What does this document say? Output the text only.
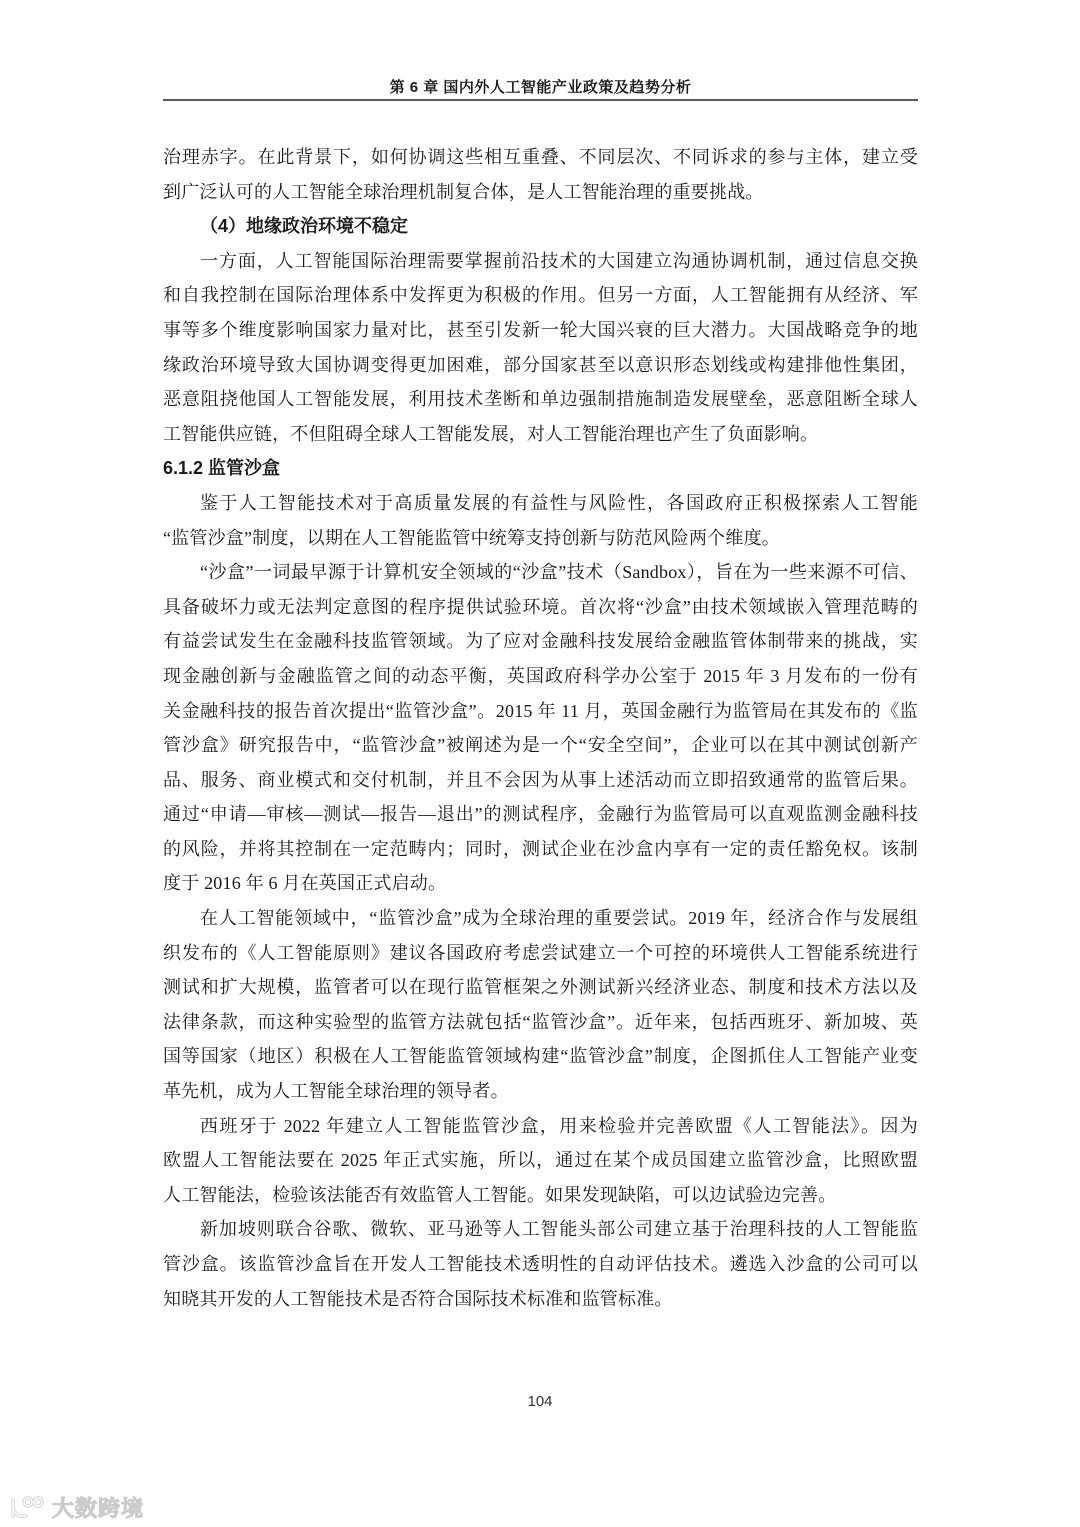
第 6 章 国内外人工智能产业政策及趋势分析
治理赤字。在此背景下，如何协调这些相互重叠、不同层次、不同诉求的参与主体，建立受
到广泛认可的人工智能全球治理机制复合体，是人工智能治理的重要挑战。
（4）地缘政治环境不稳定
一方面，人工智能国际治理需要掌握前沿技术的大国建立沟通协调机制，通过信息交换
和自我控制在国际治理体系中发挥更为积极的作用。但另一方面，人工智能拥有从经济、军
事等多个维度影响国家力量对比，甚至引发新一轮大国兴衰的巨大潜力。大国战略竞争的地
缘政治环境导致大国协调变得更加困难，部分国家甚至以意识形态划线或构建排他性集团，
恶意阻挠他国人工智能发展，利用技术垄断和单边强制措施制造发展壁垒，恶意阻断全球人
工智能供应链，不但阻碍全球人工智能发展，对人工智能治理也产生了负面影响。
6.1.2 监管沙盒
鉴于人工智能技术对于高质量发展的有益性与风险性，各国政府正积极探索人工智能
“监管沙盒”制度，以期在人工智能监管中统筹支持创新与防范风险两个维度。
“沙盒”一词最早源于计算机安全领域的“沙盒”技术（Sandbox），旨在为一些来源不可信、
具备破坏力或无法判定意图的程序提供试验环境。首次将“沙盒”由技术领域嵌入管理范畴的
有益尝试发生在金融科技监管领域。为了应对金融科技发展给金融监管体制带来的挑战，实
现金融创新与金融监管之间的动态平衡，英国政府科学办公室于 2015 年 3 月发布的一份有
关金融科技的报告首次提出“监管沙盒”。2015 年 11 月，英国金融行为监管局在其发布的《监
管沙盒》研究报告中，“监管沙盒”被阐述为是一个“安全空间”，企业可以在其中测试创新产
品、服务、商业模式和交付机制，并且不会因为从事上述活动而立即招致通常的监管后果。
通过“申请—审核—测试—报告—退出”的测试程序，金融行为监管局可以直观监测金融科技
的风险，并将其控制在一定范畴内；同时，测试企业在沙盒内享有一定的责任豁免权。该制
度于 2016 年 6 月在英国正式启动。
在人工智能领域中，“监管沙盒”成为全球治理的重要尝试。2019 年，经济合作与发展组
织发布的《人工智能原则》建议各国政府考虑尝试建立一个可控的环境供人工智能系统进行
测试和扩大规模，监管者可以在现行监管框架之外测试新兴经济业态、制度和技术方法以及
法律条款，而这种实验型的监管方法就包括“监管沙盒”。近年来，包括西班牙、新加坡、英
国等国家（地区）积极在人工智能监管领域构建“监管沙盒”制度，企图抓住人工智能产业变
革先机，成为人工智能全球治理的领导者。
西班牙于 2022 年建立人工智能监管沙盒，用来检验并完善欧盟《人工智能法》。因为
欧盟人工智能法要在 2025 年正式实施，所以，通过在某个成员国建立监管沙盒，比照欧盟
人工智能法，检验该法能否有效监管人工智能。如果发现缺陷，可以边试验边完善。
新加坡则联合谷歌、微软、亚马逊等人工智能头部公司建立基于治理科技的人工智能监
管沙盒。该监管沙盒旨在开发人工智能技术透明性的自动评估技术。遴选入沙盒的公司可以
知晓其开发的人工智能技术是否符合国际技术标准和监管标准。
104
大数跨境
